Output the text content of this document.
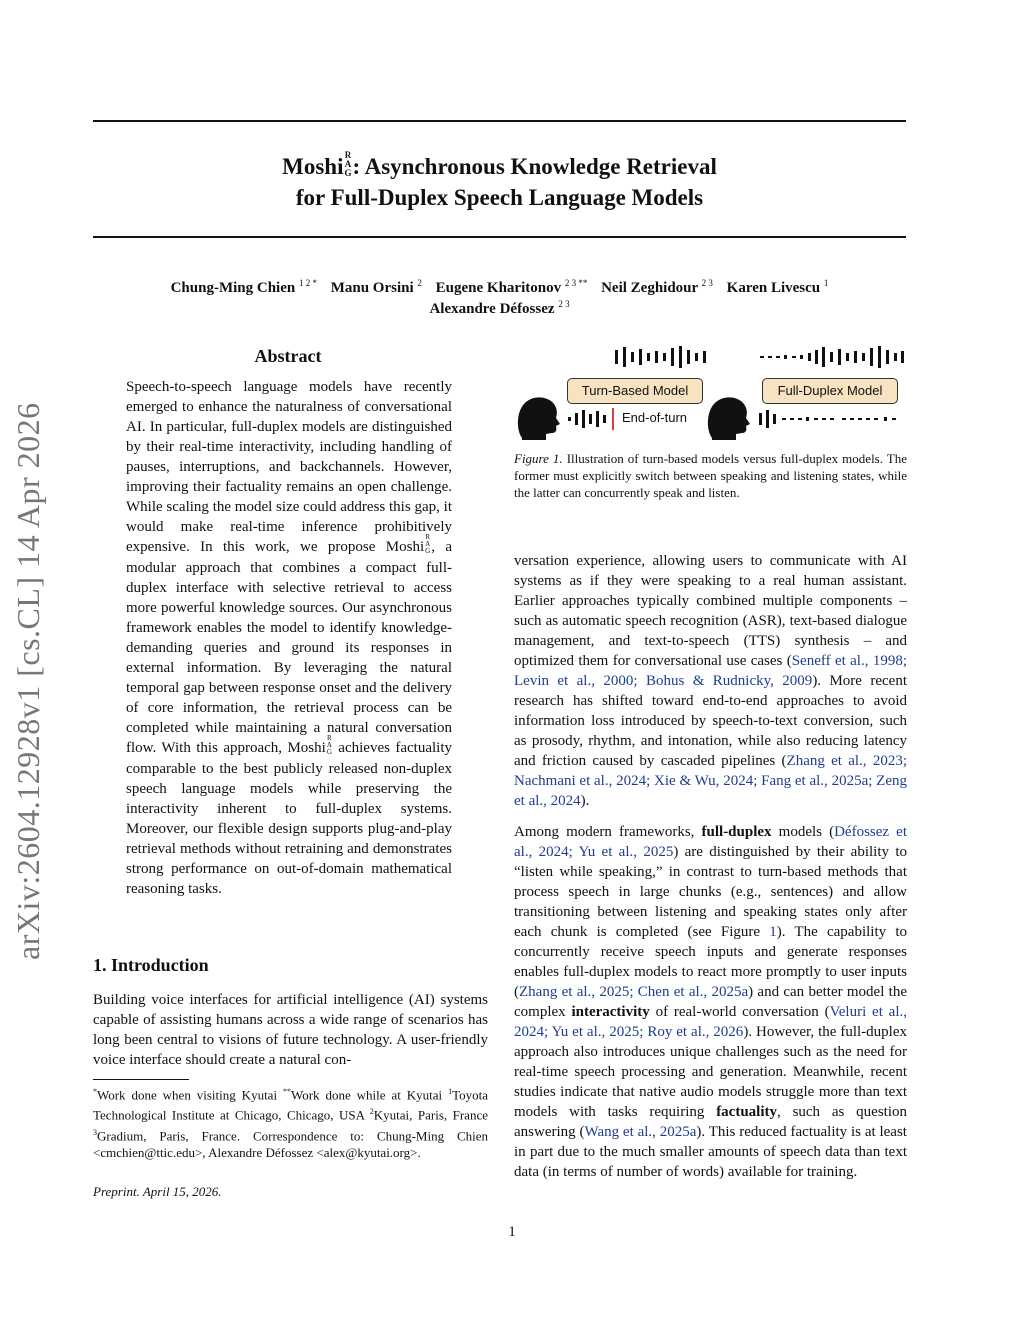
arXiv:2604.12928v1 [cs.CL] 14 Apr 2026
Moshi R
A
G : Asynchronous Knowledge Retrieval
for Full-Duplex Speech Language Models
Chung-Ming Chien $^{1 2 *}$ Manu Orsini $^2$ Eugene Kharitonov $^{2 3 **}$ Neil Zeghidour $^{2 3}$ Karen Livescu $^1$
Alexandre Défossez $^{2 3}$
Abstract
Speech-to-speech language models have recently emerged to enhance the naturalness of conversational AI. In particular, full-duplex models are distinguished by their real-time interactivity, including handling of pauses, interruptions, and backchannels. However, improving their factuality remains an open challenge. While scaling the model size could address this gap, it would make real-time inference prohibitively expensive. In this work, we propose Moshi
R
A
G , a modular approach that combines a compact full-duplex interface with selective retrieval to access more powerful knowledge sources. Our asynchronous framework enables the model to identify knowledge-demanding queries and ground its responses in external information. By leveraging the natural temporal gap between response onset and the delivery of core information, the retrieval process can be completed while maintaining a natural conversation flow. With this approach, Moshi
R
A
G achieves factuality comparable to the best publicly released non-duplex speech language models while preserving the interactivity inherent to full-duplex systems. Moreover, our flexible design supports plug-and-play retrieval methods without retraining and demonstrates strong performance on out-of-domain mathematical reasoning tasks.
1. Introduction
Building voice interfaces for artificial intelligence (AI) systems capable of assisting humans across a wide range of scenarios has long been central to visions of future technology. A user-friendly voice interface should create a natural con-
*Work done when visiting Kyutai **Work done while at Kyutai $^1$Toyota Technological Institute at Chicago, Chicago, USA $^2$Kyutai, Paris, France $^3$Gradium, Paris, France. Correspondence to: Chung-Ming Chien <cmchien@ttic.edu>, Alexandre Défossez <alex@kyutai.org>.
Preprint. April 15, 2026.
1
Turn-Based Model	Full-Duplex Model
End-of-turn
Figure 1. Illustration of turn-based models versus full-duplex models. The former must explicitly switch between speaking and listening states, while the latter can concurrently speak and listen.
versation experience, allowing users to communicate with AI systems as if they were speaking to a real human assistant. Earlier approaches typically combined multiple components – such as automatic speech recognition (ASR), text-based dialogue management, and text-to-speech (TTS) synthesis – and optimized them for conversational use cases (Seneff et al., 1998; Levin et al., 2000; Bohus & Rudnicky, 2009). More recent research has shifted toward end-to-end approaches to avoid information loss introduced by speech-to-text conversion, such as prosody, rhythm, and intonation, while also reducing latency and friction caused by cascaded pipelines (Zhang et al., 2023; Nachmani et al., 2024; Xie & Wu, 2024; Fang et al., 2025a; Zeng et al., 2024).
Among modern frameworks, full-duplex models (Défossez et al., 2024; Yu et al., 2025) are distinguished by their ability to “listen while speaking,” in contrast to turn-based methods that process speech in large chunks (e.g., sentences) and allow transitioning between listening and speaking states only after each chunk is completed (see Figure 1). The capability to concurrently receive speech inputs and generate responses enables full-duplex models to react more promptly to user inputs (Zhang et al., 2025; Chen et al., 2025a) and can better model the complex interactivity of real-world conversation (Veluri et al., 2024; Yu et al., 2025; Roy et al., 2026). However, the full-duplex approach also introduces unique challenges such as the need for real-time speech processing and generation. Meanwhile, recent studies indicate that native audio models struggle more than text models with tasks requiring factuality, such as question answering (Wang et al., 2025a). This reduced factuality is at least in part due to the much smaller amounts of speech data than text data (in terms of number of words) available for training.
